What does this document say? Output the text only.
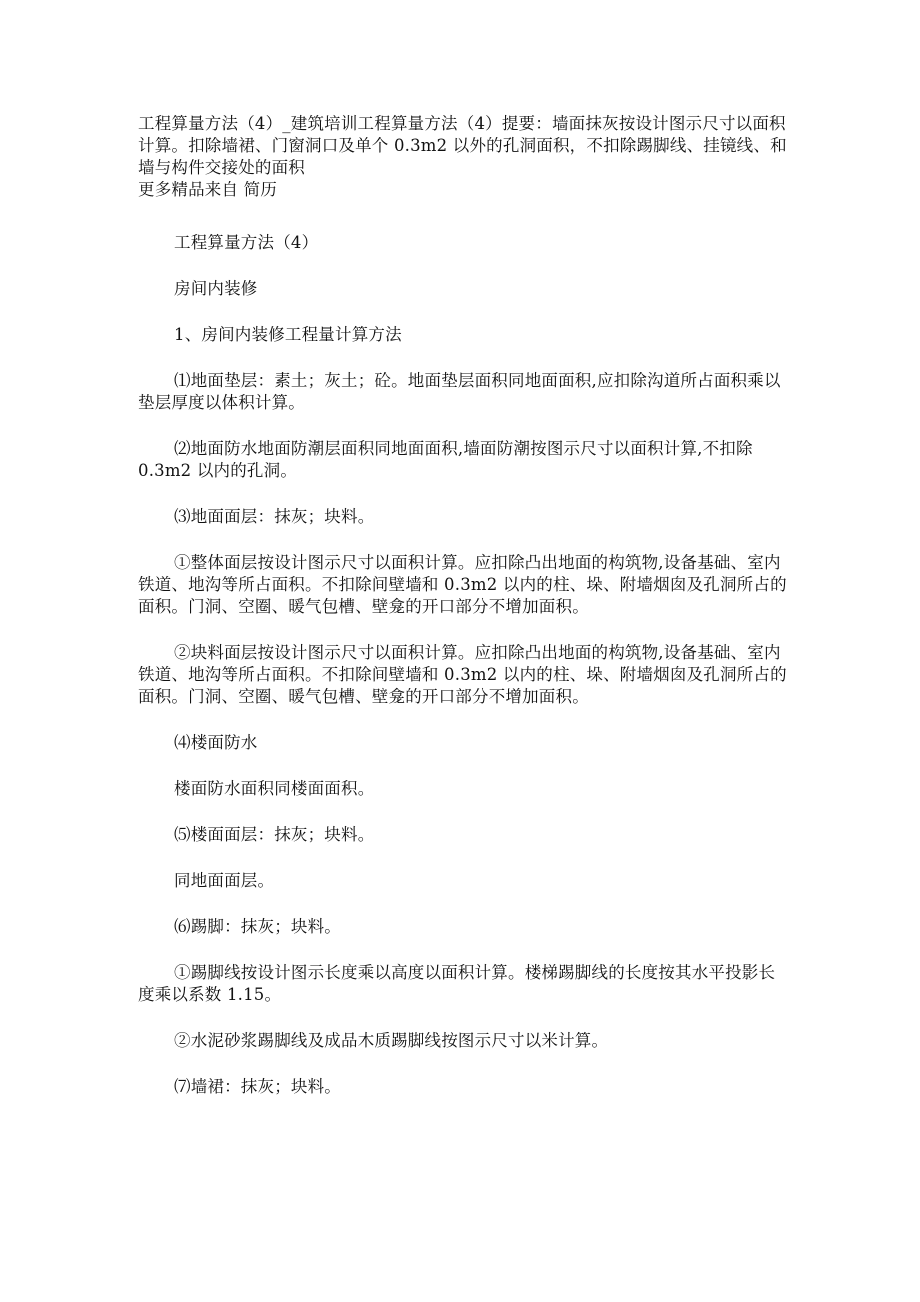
工程算量方法（4）_建筑培训工程算量方法（4）提要：墙面抹灰按设计图示尺寸以面积计算。扣除墙裙、门窗洞口及单个 0.3m2 以外的孔洞面积，不扣除踢脚线、挂镜线、和墙与构件交接处的面积

更多精品来自 简历

工程算量方法（4）

房间内装修

1、房间内装修工程量计算方法

⑴地面垫层：素土；灰土；砼。地面垫层面积同地面面积,应扣除沟道所占面积乘以垫层厚度以体积计算。

⑵地面防水地面防潮层面积同地面面积,墙面防潮按图示尺寸以面积计算,不扣除 0.3m2 以内的孔洞。

⑶地面面层：抹灰；块料。

①整体面层按设计图示尺寸以面积计算。应扣除凸出地面的构筑物,设备基础、室内铁道、地沟等所占面积。不扣除间壁墙和 0.3m2 以内的柱、垛、附墙烟囱及孔洞所占的面积。门洞、空圈、暖气包槽、壁龛的开口部分不增加面积。

②块料面层按设计图示尺寸以面积计算。应扣除凸出地面的构筑物,设备基础、室内铁道、地沟等所占面积。不扣除间壁墙和 0.3m2 以内的柱、垛、附墙烟囱及孔洞所占的面积。门洞、空圈、暖气包槽、壁龛的开口部分不增加面积。

⑷楼面防水

楼面防水面积同楼面面积。

⑸楼面面层：抹灰；块料。

同地面面层。

⑹踢脚：抹灰；块料。

①踢脚线按设计图示长度乘以高度以面积计算。楼梯踢脚线的长度按其水平投影长度乘以系数 1.15。

②水泥砂浆踢脚线及成品木质踢脚线按图示尺寸以米计算。

⑺墙裙：抹灰；块料。
